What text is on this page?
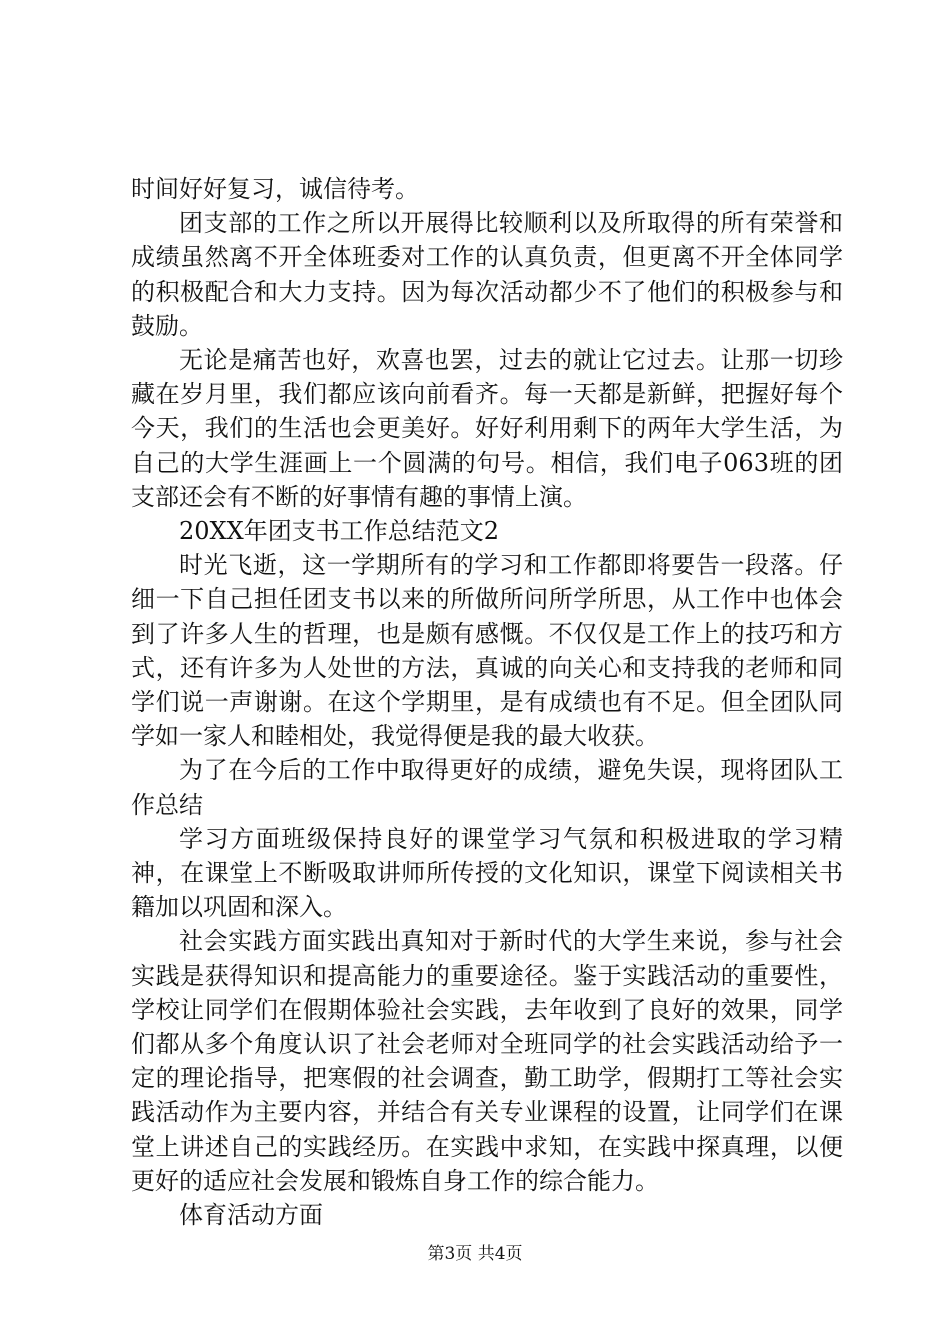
时间好好复习，诚信待考。

团支部的工作之所以开展得比较顺利以及所取得的所有荣誉和成绩虽然离不开全体班委对工作的认真负责，但更离不开全体同学的积极配合和大力支持。因为每次活动都少不了他们的积极参与和鼓励。

无论是痛苦也好，欢喜也罢，过去的就让它过去。让那一切珍藏在岁月里，我们都应该向前看齐。每一天都是新鲜，把握好每个今天，我们的生活也会更美好。好好利用剩下的两年大学生活，为自己的大学生涯画上一个圆满的句号。相信，我们电子063班的团支部还会有不断的好事情有趣的事情上演。

20XX年团支书工作总结范文2

时光飞逝，这一学期所有的学习和工作都即将要告一段落。仔细一下自己担任团支书以来的所做所问所学所思，从工作中也体会到了许多人生的哲理，也是颇有感慨。不仅仅是工作上的技巧和方式，还有许多为人处世的方法，真诚的向关心和支持我的老师和同学们说一声谢谢。在这个学期里，是有成绩也有不足。但全团队同学如一家人和睦相处，我觉得便是我的最大收获。

为了在今后的工作中取得更好的成绩，避免失误，现将团队工作总结

学习方面班级保持良好的课堂学习气氛和积极进取的学习精神，在课堂上不断吸取讲师所传授的文化知识，课堂下阅读相关书籍加以巩固和深入。

社会实践方面实践出真知对于新时代的大学生来说，参与社会实践是获得知识和提高能力的重要途径。鉴于实践活动的重要性，学校让同学们在假期体验社会实践，去年收到了良好的效果，同学们都从多个角度认识了社会老师对全班同学的社会实践活动给予一定的理论指导，把寒假的社会调查，勤工助学，假期打工等社会实践活动作为主要内容，并结合有关专业课程的设置，让同学们在课堂上讲述自己的实践经历。在实践中求知，在实践中探真理，以便更好的适应社会发展和锻炼自身工作的综合能力。

体育活动方面

第3页 共4页
